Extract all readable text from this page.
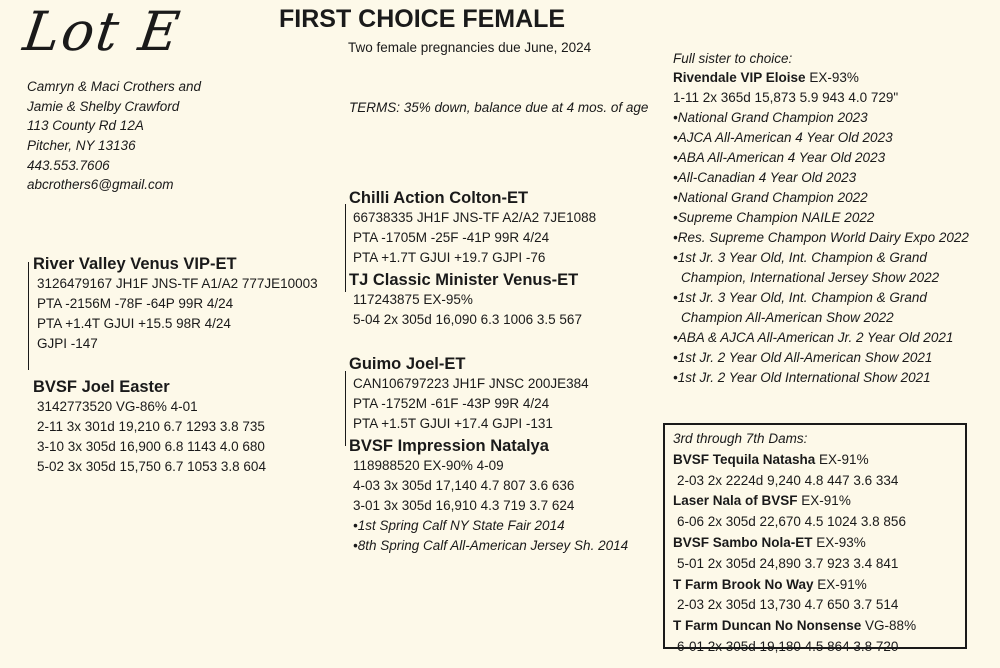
Lot E	FIRST CHOICE FEMALE
Two female pregnancies due June, 2024
TERMS: 35% down, balance due at 4 mos. of age
Camryn & Maci Crothers and
Jamie & Shelby Crawford
113 County Rd 12A
Pitcher, NY 13136
443.553.7606
abcrothers6@gmail.com
River Valley Venus VIP-ET
3126479167 JH1F JNS-TF A1/A2 777JE10003
PTA -2156M -78F -64P 99R 4/24
PTA +1.4T GJUI +15.5 98R 4/24
GJPI -147
BVSF Joel Easter
3142773520 VG-86% 4-01
2-11 3x 301d 19,210 6.7 1293 3.8 735
3-10 3x 305d 16,900 6.8 1143 4.0 680
5-02 3x 305d 15,750 6.7 1053 3.8 604
Chilli Action Colton-ET
66738335 JH1F JNS-TF A2/A2 7JE1088
PTA -1705M -25F -41P 99R 4/24
PTA +1.7T GJUI +19.7 GJPI -76
TJ Classic Minister Venus-ET
117243875 EX-95%
5-04 2x 305d 16,090 6.3 1006 3.5 567
Guimo Joel-ET
CAN106797223 JH1F JNSC 200JE384
PTA -1752M -61F -43P 99R 4/24
PTA +1.5T GJUI +17.4 GJPI -131
BVSF Impression Natalya
118988520 EX-90% 4-09
4-03 3x 305d 17,140 4.7 807 3.6 636
3-01 3x 305d 16,910 4.3 719 3.7 624
•1st Spring Calf NY State Fair 2014
•8th Spring Calf All-American Jersey Sh. 2014
Full sister to choice:
Rivendale VIP Eloise EX-93%
1-11 2x 365d 15,873 5.9 943 4.0 729"
•National Grand Champion 2023
•AJCA All-American 4 Year Old 2023
•ABA All-American 4 Year Old 2023
•All-Canadian 4 Year Old 2023
•National Grand Champion 2022
•Supreme Champion NAILE 2022
•Res. Supreme Champon World Dairy Expo 2022
•1st Jr. 3 Year Old, Int. Champion & Grand
Champion, International Jersey Show 2022
•1st Jr. 3 Year Old, Int. Champion & Grand
Champion All-American Show 2022
•ABA & AJCA All-American Jr. 2 Year Old 2021
•1st Jr. 2 Year Old All-American Show 2021
•1st Jr. 2 Year Old International Show 2021
3rd through 7th Dams:
BVSF Tequila Natasha EX-91%
2-03 2x 2224d 9,240 4.8 447 3.6 334
Laser Nala of BVSF EX-91%
6-06 2x 305d 22,670 4.5 1024 3.8 856
BVSF Sambo Nola-ET EX-93%
5-01 2x 305d 24,890 3.7 923 3.4 841
T Farm Brook No Way EX-91%
2-03 2x 305d 13,730 4.7 650 3.7 514
T Farm Duncan No Nonsense VG-88%
6-01 2x 305d 19,180 4.5 864 3.8 720
